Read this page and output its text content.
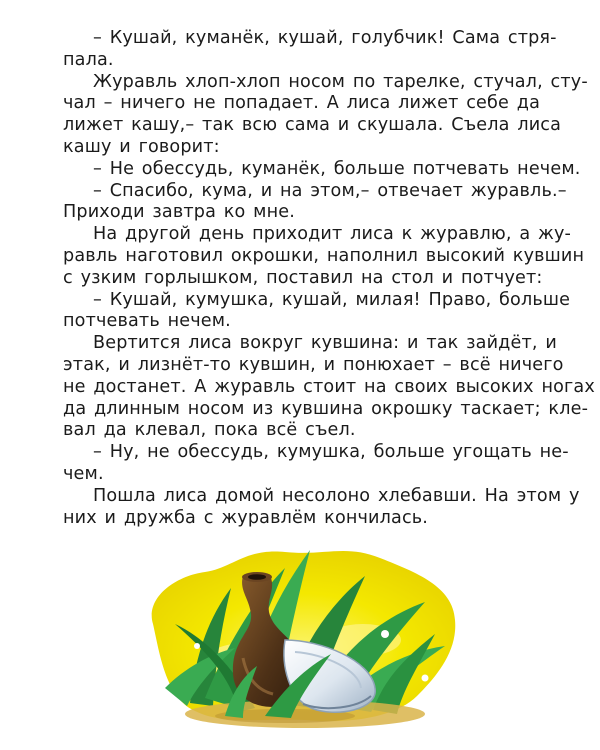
– Кушай, куманёк, кушай, голубчик! Сама стря-
пала.
Журавль хлоп-хлоп носом по тарелке, стучал, сту-
чал – ничего не попадает. А лиса лижет себе да
лижет кашу,– так всю сама и скушала. Съела лиса
кашу и говорит:
– Не обессудь, куманёк, больше потчевать нечем.
– Спасибо, кума, и на этом,– отвечает журавль.–
Приходи завтра ко мне.
На другой день приходит лиса к журавлю, а жу-
равль наготовил окрошки, наполнил высокий кувшин
с узким горлышком, поставил на стол и потчует:
– Кушай, кумушка, кушай, милая! Право, больше
потчевать нечем.
Вертится лиса вокруг кувшина: и так зайдёт, и
этак, и лизнёт-то кувшин, и понюхает – всё ничего
не достанет. А журавль стоит на своих высоких ногах
да длинным носом из кувшина окрошку таскает; кле-
вал да клевал, пока всё съел.
– Ну, не обессудь, кумушка, больше угощать не-
чем.
Пошла лиса домой несолоно хлебавши. На этом у
них и дружба с журавлём кончилась.
